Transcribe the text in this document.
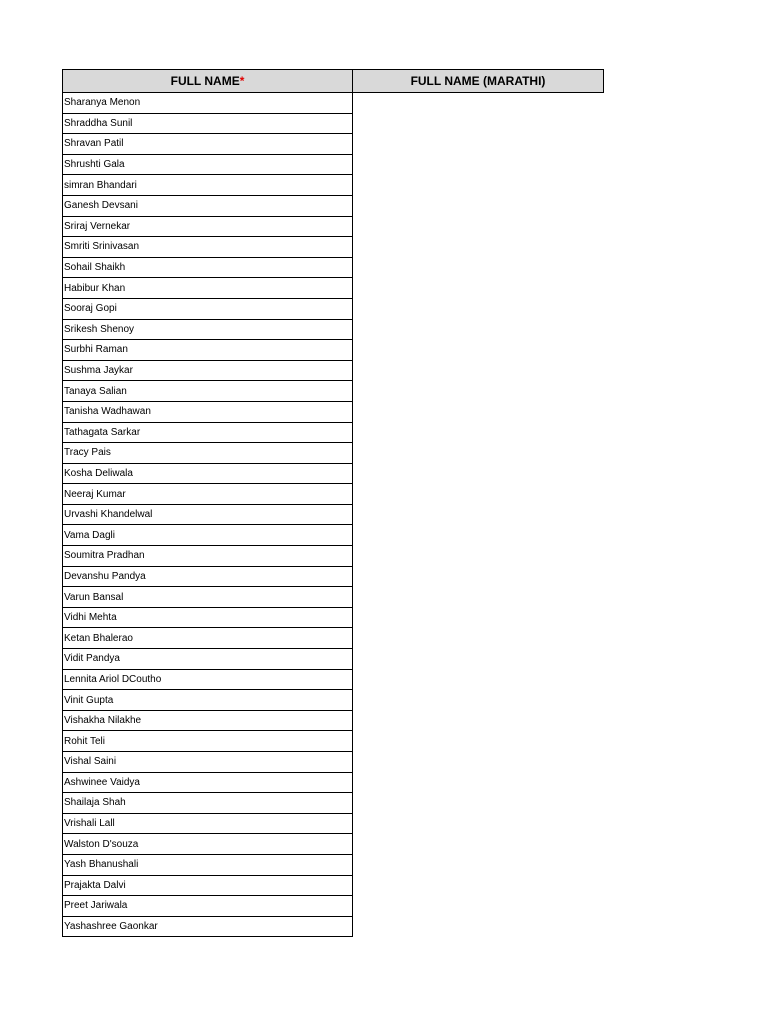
FULL NAME *	FULL NAME (MARATHI)
Sharanya Menon
Shraddha Sunil
Shravan Patil
Shrushti Gala
simran Bhandari
Ganesh Devsani
Sriraj Vernekar
Smriti Srinivasan
Sohail Shaikh
Habibur Khan
Sooraj Gopi
Srikesh Shenoy
Surbhi Raman
Sushma Jaykar
Tanaya Salian
Tanisha Wadhawan
Tathagata Sarkar
Tracy Pais
Kosha Deliwala
Neeraj Kumar
Urvashi Khandelwal
Vama Dagli
Soumitra Pradhan
Devanshu Pandya
Varun Bansal
Vidhi Mehta
Ketan Bhalerao
Vidit Pandya
Lennita Ariol DCoutho
Vinit Gupta
Vishakha Nilakhe
Rohit Teli
Vishal Saini
Ashwinee Vaidya
Shailaja Shah
Vrishali Lall
Walston D'souza
Yash Bhanushali
Prajakta Dalvi
Preet Jariwala
Yashashree Gaonkar
